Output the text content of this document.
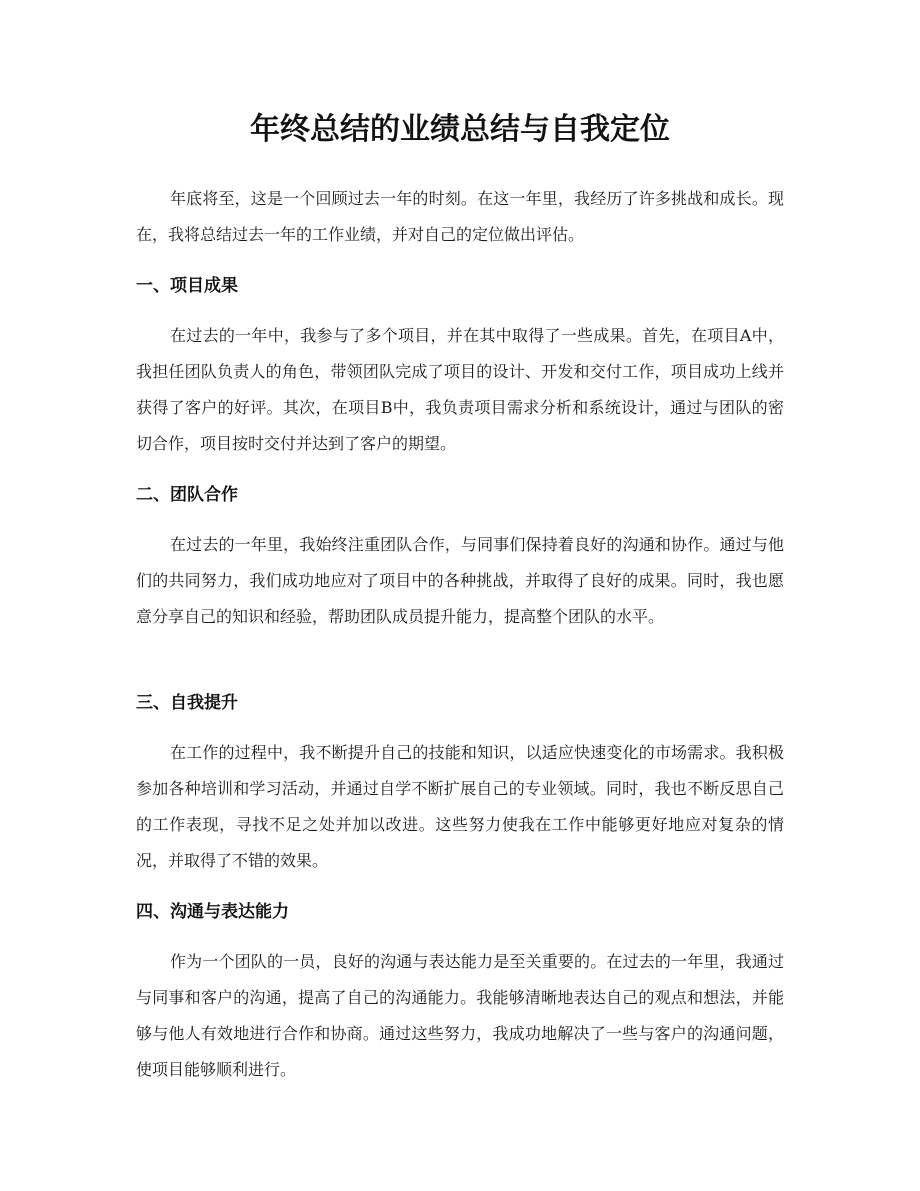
年终总结的业绩总结与自我定位

年底将至，这是一个回顾过去一年的时刻。在这一年里，我经历了许多挑战和成长。现在，我将总结过去一年的工作业绩，并对自己的定位做出评估。

一、项目成果

在过去的一年中，我参与了多个项目，并在其中取得了一些成果。首先，在项目A中，我担任团队负责人的角色，带领团队完成了项目的设计、开发和交付工作，项目成功上线并获得了客户的好评。其次，在项目B中，我负责项目需求分析和系统设计，通过与团队的密切合作，项目按时交付并达到了客户的期望。

二、团队合作

在过去的一年里，我始终注重团队合作，与同事们保持着良好的沟通和协作。通过与他们的共同努力，我们成功地应对了项目中的各种挑战，并取得了良好的成果。同时，我也愿意分享自己的知识和经验，帮助团队成员提升能力，提高整个团队的水平。

三、自我提升

在工作的过程中，我不断提升自己的技能和知识，以适应快速变化的市场需求。我积极参加各种培训和学习活动，并通过自学不断扩展自己的专业领域。同时，我也不断反思自己的工作表现，寻找不足之处并加以改进。这些努力使我在工作中能够更好地应对复杂的情况，并取得了不错的效果。

四、沟通与表达能力

作为一个团队的一员，良好的沟通与表达能力是至关重要的。在过去的一年里，我通过与同事和客户的沟通，提高了自己的沟通能力。我能够清晰地表达自己的观点和想法，并能够与他人有效地进行合作和协商。通过这些努力，我成功地解决了一些与客户的沟通问题，使项目能够顺利进行。
